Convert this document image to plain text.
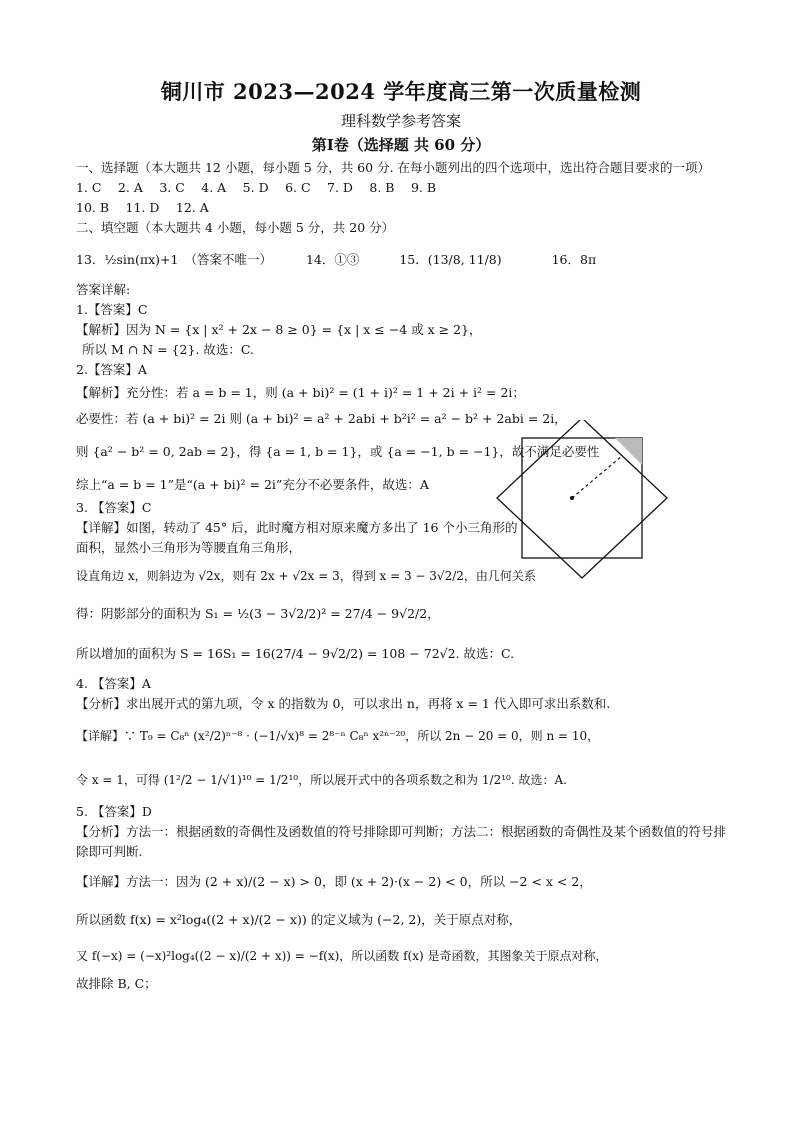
铜川市 2023—2024 学年度高三第一次质量检测
理科数学参考答案
第Ⅰ卷（选择题 共 60 分）

一、选择题（本大题共 12 小题，每小题 5 分，共 60 分. 在每小题列出的四个选项中，选出符合题目要求的一项）

1. C　 2. A　 3. C　 4. A　 5. D　 6. C　 7. D　 8. B　 9. B

10. B　 11. D　 12. A

二、填空题（本大题共 4 小题，每小题 5 分，共 20 分）

13． ½sin(πx)+1 （答案不唯一）	14．①③	15． (13/8, 11/8)	16．8π

答案详解:

1.【答案】C

【解析】因为 N = {x | x² + 2x − 8 ≥ 0} = {x | x ≤ −4 或 x ≥ 2}，

所以 M ∩ N = {2}. 故选：C.

2.【答案】A

【解析】充分性：若 a = b = 1，则 (a + bi)² = (1 + i)² = 1 + 2i + i² = 2i；

必要性：若 (a + bi)² = 2i 则 (a + bi)² = a² + 2abi + b²i² = a² − b² + 2abi = 2i，

则 {a² − b² = 0, 2ab = 2}，得 {a = 1, b = 1}，或 {a = −1, b = −1}，故不满足必要性

综上“a = b = 1”是“(a + bi)² = 2i”充分不必要条件，故选：A

3. 【答案】C

【详解】如图，转动了 45° 后，此时魔方相对原来魔方多出了 16 个小三角形的

面积，显然小三角形为等腰直角三角形，

设直角边 x，则斜边为 √2x，则有 2x + √2x = 3，得到 x = 3 − 3√2/2，由几何关系

得：阴影部分的面积为 S₁ = ½(3 − 3√2/2)² = 27/4 − 9√2/2，

所以增加的面积为 S = 16S₁ = 16(27/4 − 9√2/2) = 108 − 72√2. 故选：C.

4. 【答案】A

【分析】求出展开式的第九项，令 x 的指数为 0，可以求出 n，再将 x = 1 代入即可求出系数和.

【详解】∵ T₉ = C₈ⁿ (x²/2)ⁿ⁻⁸ · (−1/√x)⁸ = 2⁸⁻ⁿ C₈ⁿ x²ⁿ⁻²⁰，所以 2n − 20 = 0，则 n = 10，

令 x = 1，可得 (1²/2 − 1/√1)¹⁰ = 1/2¹⁰，所以展开式中的各项系数之和为 1/2¹⁰. 故选：A.

5. 【答案】D

【分析】方法一：根据函数的奇偶性及函数值的符号排除即可判断；方法二：根据函数的奇偶性及某个函数值的符号排除即可判断.

【详解】方法一：因为 (2 + x)/(2 − x) > 0，即 (x + 2)·(x − 2) < 0，所以 −2 < x < 2，

所以函数 f(x) = x²log₄((2 + x)/(2 − x)) 的定义域为 (−2, 2)，关于原点对称，

又 f(−x) = (−x)²log₄((2 − x)/(2 + x)) = −f(x)，所以函数 f(x) 是奇函数，其图象关于原点对称，

故排除 B, C；
